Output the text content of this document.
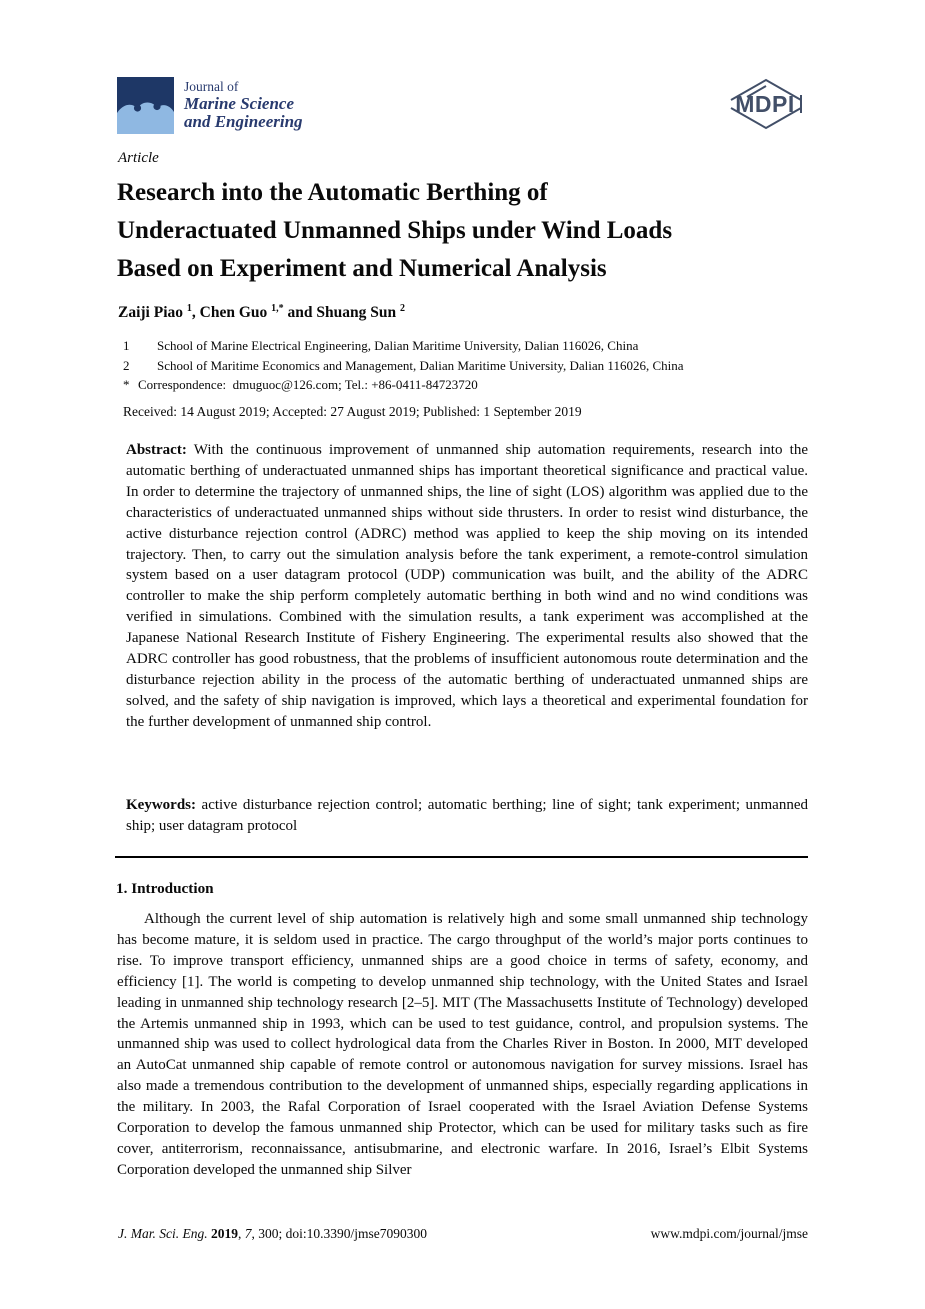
Journal of
Marine Science
and Engineering
MDPI
Article
Research into the Automatic Berthing of
Underactuated Unmanned Ships under Wind Loads
Based on Experiment and Numerical Analysis
Zaiji Piao $^1$, Chen Guo $^{1,*}$ and Shuang Sun $^2$
1	School of Marine Electrical Engineering, Dalian Maritime University, Dalian 116026, China
2	School of Maritime Economics and Management, Dalian Maritime University, Dalian 116026, China
* Correspondence:  dmuguoc@126.com; Tel.: +86-0411-84723720
Received: 14 August 2019; Accepted: 27 August 2019; Published: 1 September 2019
Abstract: With the continuous improvement of unmanned ship automation requirements, research into the automatic berthing of underactuated unmanned ships has important theoretical significance and practical value. In order to determine the trajectory of unmanned ships, the line of sight (LOS) algorithm was applied due to the characteristics of underactuated unmanned ships without side thrusters. In order to resist wind disturbance, the active disturbance rejection control (ADRC) method was applied to keep the ship moving on its intended trajectory. Then, to carry out the simulation analysis before the tank experiment, a remote-control simulation system based on a user datagram protocol (UDP) communication was built, and the ability of the ADRC controller to make the ship perform completely automatic berthing in both wind and no wind conditions was verified in simulations. Combined with the simulation results, a tank experiment was accomplished at the Japanese National Research Institute of Fishery Engineering. The experimental results also showed that the ADRC controller has good robustness, that the problems of insufficient autonomous route determination and the disturbance rejection ability in the process of the automatic berthing of underactuated unmanned ships are solved, and the safety of ship navigation is improved, which lays a theoretical and experimental foundation for the further development of unmanned ship control.
Keywords: active disturbance rejection control; automatic berthing; line of sight; tank experiment; unmanned ship; user datagram protocol
1. Introduction
Although the current level of ship automation is relatively high and some small unmanned ship technology has become mature, it is seldom used in practice. The cargo throughput of the world’s major ports continues to rise. To improve transport efficiency, unmanned ships are a good choice in terms of safety, economy, and efficiency [1]. The world is competing to develop unmanned ship technology, with the United States and Israel leading in unmanned ship technology research [2–5]. MIT (The Massachusetts Institute of Technology) developed the Artemis unmanned ship in 1993, which can be used to test guidance, control, and propulsion systems. The unmanned ship was used to collect hydrological data from the Charles River in Boston. In 2000, MIT developed an AutoCat unmanned ship capable of remote control or autonomous navigation for survey missions. Israel has also made a tremendous contribution to the development of unmanned ships, especially regarding applications in the military. In 2003, the Rafal Corporation of Israel cooperated with the Israel Aviation Defense Systems Corporation to develop the famous unmanned ship Protector, which can be used for military tasks such as fire cover, antiterrorism, reconnaissance, antisubmarine, and electronic warfare. In 2016, Israel’s Elbit Systems Corporation developed the unmanned ship Silver
J. Mar. Sci. Eng. 2019, 7, 300; doi:10.3390/jmse7090300	www.mdpi.com/journal/jmse
